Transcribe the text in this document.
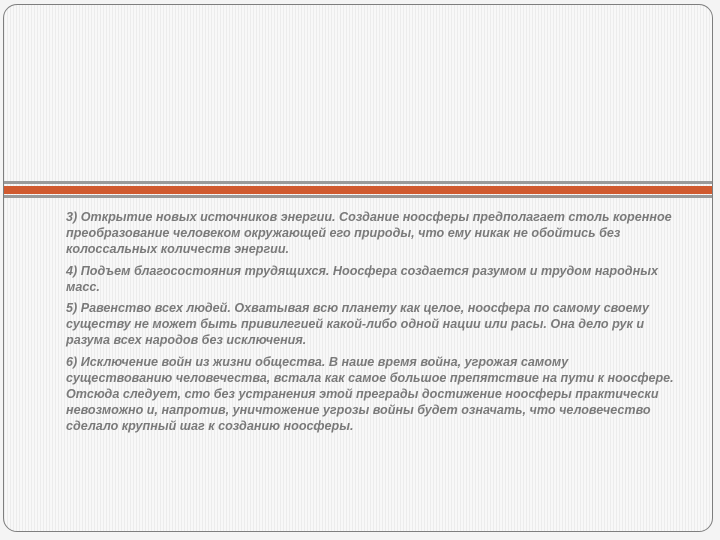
3) Открытие новых источников энергии. Создание ноосферы предполагает столь коренное преобразование человеком окружающей его природы, что ему никак не обойтись без колоссальных количеств энергии.

4) Подъем благосостояния трудящихся. Ноосфера создается разумом и трудом народных масс.

5) Равенство всех людей. Охватывая всю планету как целое, ноосфера по самому своему существу не может быть привилегией какой-либо одной нации или расы. Она дело рук и разума всех народов без исключения.

6) Исключение войн из жизни общества. В наше время война, угрожая самому существованию человечества, встала как самое большое препятствие на пути к ноосфере. Отсюда следует, сто без устранения этой преграды достижение ноосферы практически невозможно и, напротив, уничтожение угрозы войны будет означать, что человечество сделало крупный шаг к созданию ноосферы.
